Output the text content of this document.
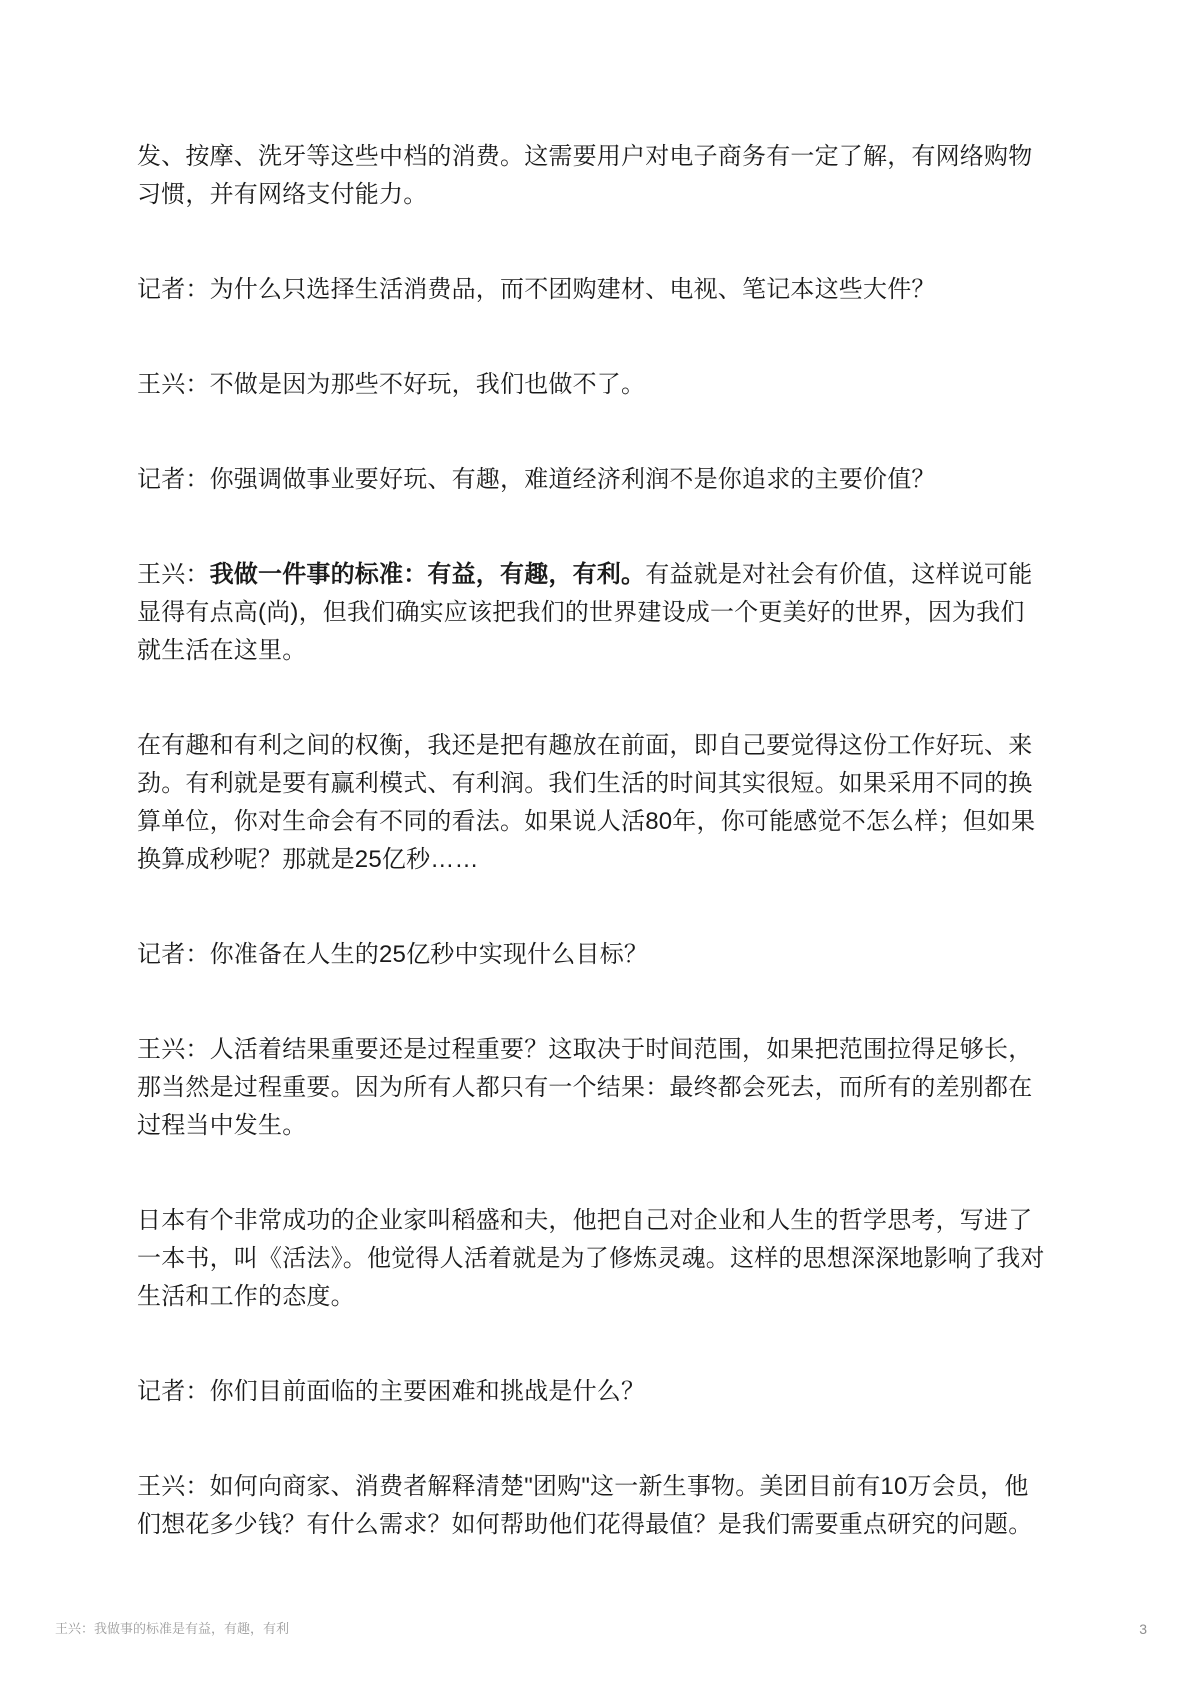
发、按摩、洗牙等这些中档的消费。这需要用户对电子商务有一定了解，有网络购物习惯，并有网络支付能力。

记者：为什么只选择生活消费品，而不团购建材、电视、笔记本这些大件？

王兴：不做是因为那些不好玩，我们也做不了。

记者：你强调做事业要好玩、有趣，难道经济利润不是你追求的主要价值？

王兴：我做一件事的标准：有益，有趣，有利。有益就是对社会有价值，这样说可能显得有点高(尚)，但我们确实应该把我们的世界建设成一个更美好的世界，因为我们就生活在这里。

在有趣和有利之间的权衡，我还是把有趣放在前面，即自己要觉得这份工作好玩、来劲。有利就是要有赢利模式、有利润。我们生活的时间其实很短。如果采用不同的换算单位，你对生命会有不同的看法。如果说人活80年，你可能感觉不怎么样；但如果换算成秒呢？那就是25亿秒……

记者：你准备在人生的25亿秒中实现什么目标？

王兴：人活着结果重要还是过程重要？这取决于时间范围，如果把范围拉得足够长，那当然是过程重要。因为所有人都只有一个结果：最终都会死去，而所有的差别都在过程当中发生。

日本有个非常成功的企业家叫稻盛和夫，他把自己对企业和人生的哲学思考，写进了一本书，叫《活法》。他觉得人活着就是为了修炼灵魂。这样的思想深深地影响了我对生活和工作的态度。

记者：你们目前面临的主要困难和挑战是什么？

王兴：如何向商家、消费者解释清楚"团购"这一新生事物。美团目前有10万会员，他们想花多少钱？有什么需求？如何帮助他们花得最值？是我们需要重点研究的问题。

王兴：我做事的标准是有益，有趣，有利	3
